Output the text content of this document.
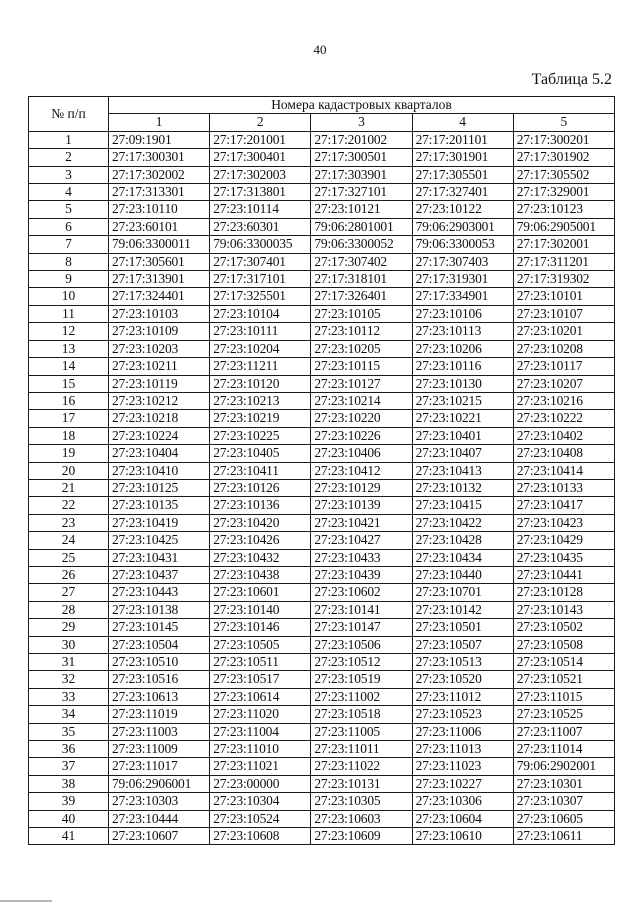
40
Таблица 5.2
№ п/п	Номера кадастровых кварталов				
	1	2	3	4	5
1	27:09:1901	27:17:201001	27:17:201002	27:17:201101	27:17:300201
2	27:17:300301	27:17:300401	27:17:300501	27:17:301901	27:17:301902
3	27:17:302002	27:17:302003	27:17:303901	27:17:305501	27:17:305502
4	27:17:313301	27:17:313801	27:17:327101	27:17:327401	27:17:329001
5	27:23:10110	27:23:10114	27:23:10121	27:23:10122	27:23:10123
6	27:23:60101	27:23:60301	79:06:2801001	79:06:2903001	79:06:2905001
7	79:06:3300011	79:06:3300035	79:06:3300052	79:06:3300053	27:17:302001
8	27:17:305601	27:17:307401	27:17:307402	27:17:307403	27:17:311201
9	27:17:313901	27:17:317101	27:17:318101	27:17:319301	27:17:319302
10	27:17:324401	27:17:325501	27:17:326401	27:17:334901	27:23:10101
11	27:23:10103	27:23:10104	27:23:10105	27:23:10106	27:23:10107
12	27:23:10109	27:23:10111	27:23:10112	27:23:10113	27:23:10201
13	27:23:10203	27:23:10204	27:23:10205	27:23:10206	27:23:10208
14	27:23:10211	27:23:11211	27:23:10115	27:23:10116	27:23:10117
15	27:23:10119	27:23:10120	27:23:10127	27:23:10130	27:23:10207
16	27:23:10212	27:23:10213	27:23:10214	27:23:10215	27:23:10216
17	27:23:10218	27:23:10219	27:23:10220	27:23:10221	27:23:10222
18	27:23:10224	27:23:10225	27:23:10226	27:23:10401	27:23:10402
19	27:23:10404	27:23:10405	27:23:10406	27:23:10407	27:23:10408
20	27:23:10410	27:23:10411	27:23:10412	27:23:10413	27:23:10414
21	27:23:10125	27:23:10126	27:23:10129	27:23:10132	27:23:10133
22	27:23:10135	27:23:10136	27:23:10139	27:23:10415	27:23:10417
23	27:23:10419	27:23:10420	27:23:10421	27:23:10422	27:23:10423
24	27:23:10425	27:23:10426	27:23:10427	27:23:10428	27:23:10429
25	27:23:10431	27:23:10432	27:23:10433	27:23:10434	27:23:10435
26	27:23:10437	27:23:10438	27:23:10439	27:23:10440	27:23:10441
27	27:23:10443	27:23:10601	27:23:10602	27:23:10701	27:23:10128
28	27:23:10138	27:23:10140	27:23:10141	27:23:10142	27:23:10143
29	27:23:10145	27:23:10146	27:23:10147	27:23:10501	27:23:10502
30	27:23:10504	27:23:10505	27:23:10506	27:23:10507	27:23:10508
31	27:23:10510	27:23:10511	27:23:10512	27:23:10513	27:23:10514
32	27:23:10516	27:23:10517	27:23:10519	27:23:10520	27:23:10521
33	27:23:10613	27:23:10614	27:23:11002	27:23:11012	27:23:11015
34	27:23:11019	27:23:11020	27:23:10518	27:23:10523	27:23:10525
35	27:23:11003	27:23:11004	27:23:11005	27:23:11006	27:23:11007
36	27:23:11009	27:23:11010	27:23:11011	27:23:11013	27:23:11014
37	27:23:11017	27:23:11021	27:23:11022	27:23:11023	79:06:2902001
38	79:06:2906001	27:23:00000	27:23:10131	27:23:10227	27:23:10301
39	27:23:10303	27:23:10304	27:23:10305	27:23:10306	27:23:10307
40	27:23:10444	27:23:10524	27:23:10603	27:23:10604	27:23:10605
41	27:23:10607	27:23:10608	27:23:10609	27:23:10610	27:23:10611
